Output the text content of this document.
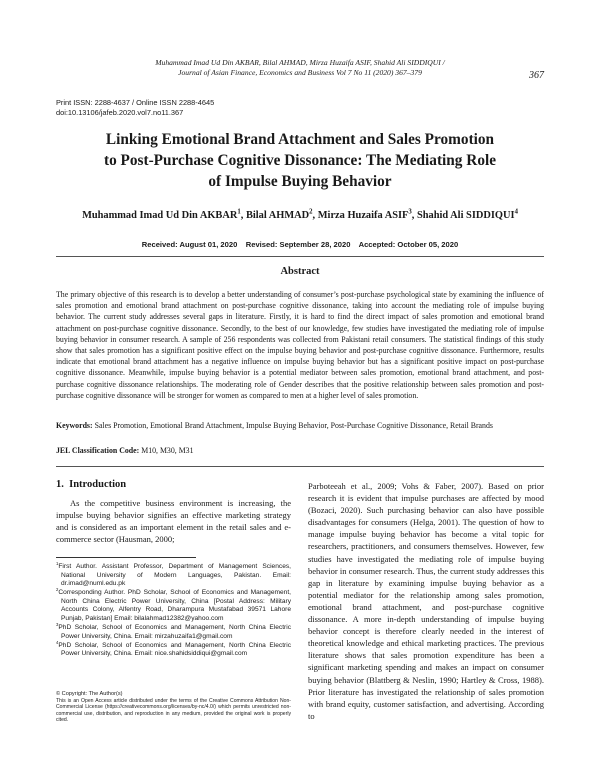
Muhammad Imad Ud Din AKBAR, Bilal AHMAD, Mirza Huzaifa ASIF, Shahid Ali SIDDIQUI /
Journal of Asian Finance, Economics and Business Vol 7 No 11 (2020) 367–379	367
Print ISSN: 2288-4637 / Online ISSN 2288-4645
doi:10.13106/jafeb.2020.vol7.no11.367
Linking Emotional Brand Attachment and Sales Promotion
to Post-Purchase Cognitive Dissonance: The Mediating Role
of Impulse Buying Behavior
Muhammad Imad Ud Din AKBAR$^1$, Bilal AHMAD$^2$, Mirza Huzaifa ASIF$^3$, Shahid Ali SIDDIQUI$^4$
Received: August 01, 2020    Revised: September 28, 2020    Accepted: October 05, 2020
Abstract
The primary objective of this research is to develop a better understanding of consumer’s post-purchase psychological state by examining the influence of sales promotion and emotional brand attachment on post-purchase cognitive dissonance, taking into account the mediating role of impulse buying behavior. The current study addresses several gaps in literature. Firstly, it is hard to find the direct impact of sales promotion and emotional brand attachment on post-purchase cognitive dissonance. Secondly, to the best of our knowledge, few studies have investigated the mediating role of impulse buying behavior in consumer research. A sample of 256 respondents was collected from Pakistani retail consumers. The statistical findings of this study show that sales promotion has a significant positive effect on the impulse buying behavior and post-purchase cognitive dissonance. Furthermore, results indicate that emotional brand attachment has a negative influence on impulse buying behavior but has a significant positive impact on post-purchase cognitive dissonance. Meanwhile, impulse buying behavior is a potential mediator between sales promotion, emotional brand attachment, and post-purchase cognitive dissonance relationships. The moderating role of Gender describes that the positive relationship between sales promotion and post-purchase cognitive dissonance will be stronger for women as compared to men at a higher level of sales promotion.
Keywords: Sales Promotion, Emotional Brand Attachment, Impulse Buying Behavior, Post-Purchase Cognitive Dissonance, Retail Brands
JEL Classification Code: M10, M30, M31
1.  Introduction

As the competitive business environment is increasing, the impulse buying behavior signifies an effective marketing strategy and is considered as an important element in the retail sales and e-commerce sector (Hausman, 2000;

Parboteeah et al., 2009; Vohs & Faber, 2007). Based on prior research it is evident that impulse purchases are affected by mood (Bozaci, 2020). Such purchasing behavior can also have possible disadvantages for consumers (Helga, 2001). The question of how to manage impulse buying behavior has become a vital topic for researchers, practitioners, and consumers themselves. However, few studies have investigated the mediating role of impulse buying behavior in consumer research. Thus, the current study addresses this gap in literature by examining impulse buying behavior as a potential mediator for the relationship among sales promotion, emotional brand attachment, and post-purchase cognitive dissonance. A more in-depth understanding of impulse buying behavior concept is therefore clearly needed in the interest of theoretical knowledge and ethical marketing practices. The previous literature shows that sales promotion expenditure has been a significant marketing spending and makes an impact on consumer buying behavior (Blattberg & Neslin, 1990; Hartley & Cross, 1988). Prior literature has investigated the relationship of sales promotion with brand equity, customer satisfaction, and advertising. According to

$^1$First Author. Assistant Professor, Department of Management Sciences, National University of Modern Languages, Pakistan. Email: dr.imad@numl.edu.pk
$^2$Corresponding Author. PhD Scholar, School of Economics and Management, North China Electric Power University, China [Postal Address: Military Accounts Colony, Alfentry Road, Dharampura Mustafabad 39571 Lahore Punjab, Pakistan] Email: bilalahmad12382@yahoo.com
$^3$PhD Scholar, School of Economics and Management, North China Electric Power University, China. Email: mirzahuzaifa1@gmail.com
$^4$PhD Scholar, School of Economics and Management, North China Electric Power University, China. Email: nice.shahidsiddiqui@gmail.com
© Copyright: The Author(s)
This is an Open Access article distributed under the terms of the Creative Commons Attribution Non-Commercial License (https://creativecommons.org/licenses/by-nc/4.0/) which permits unrestricted non-commercial use, distribution, and reproduction in any medium, provided the original work is properly cited.
